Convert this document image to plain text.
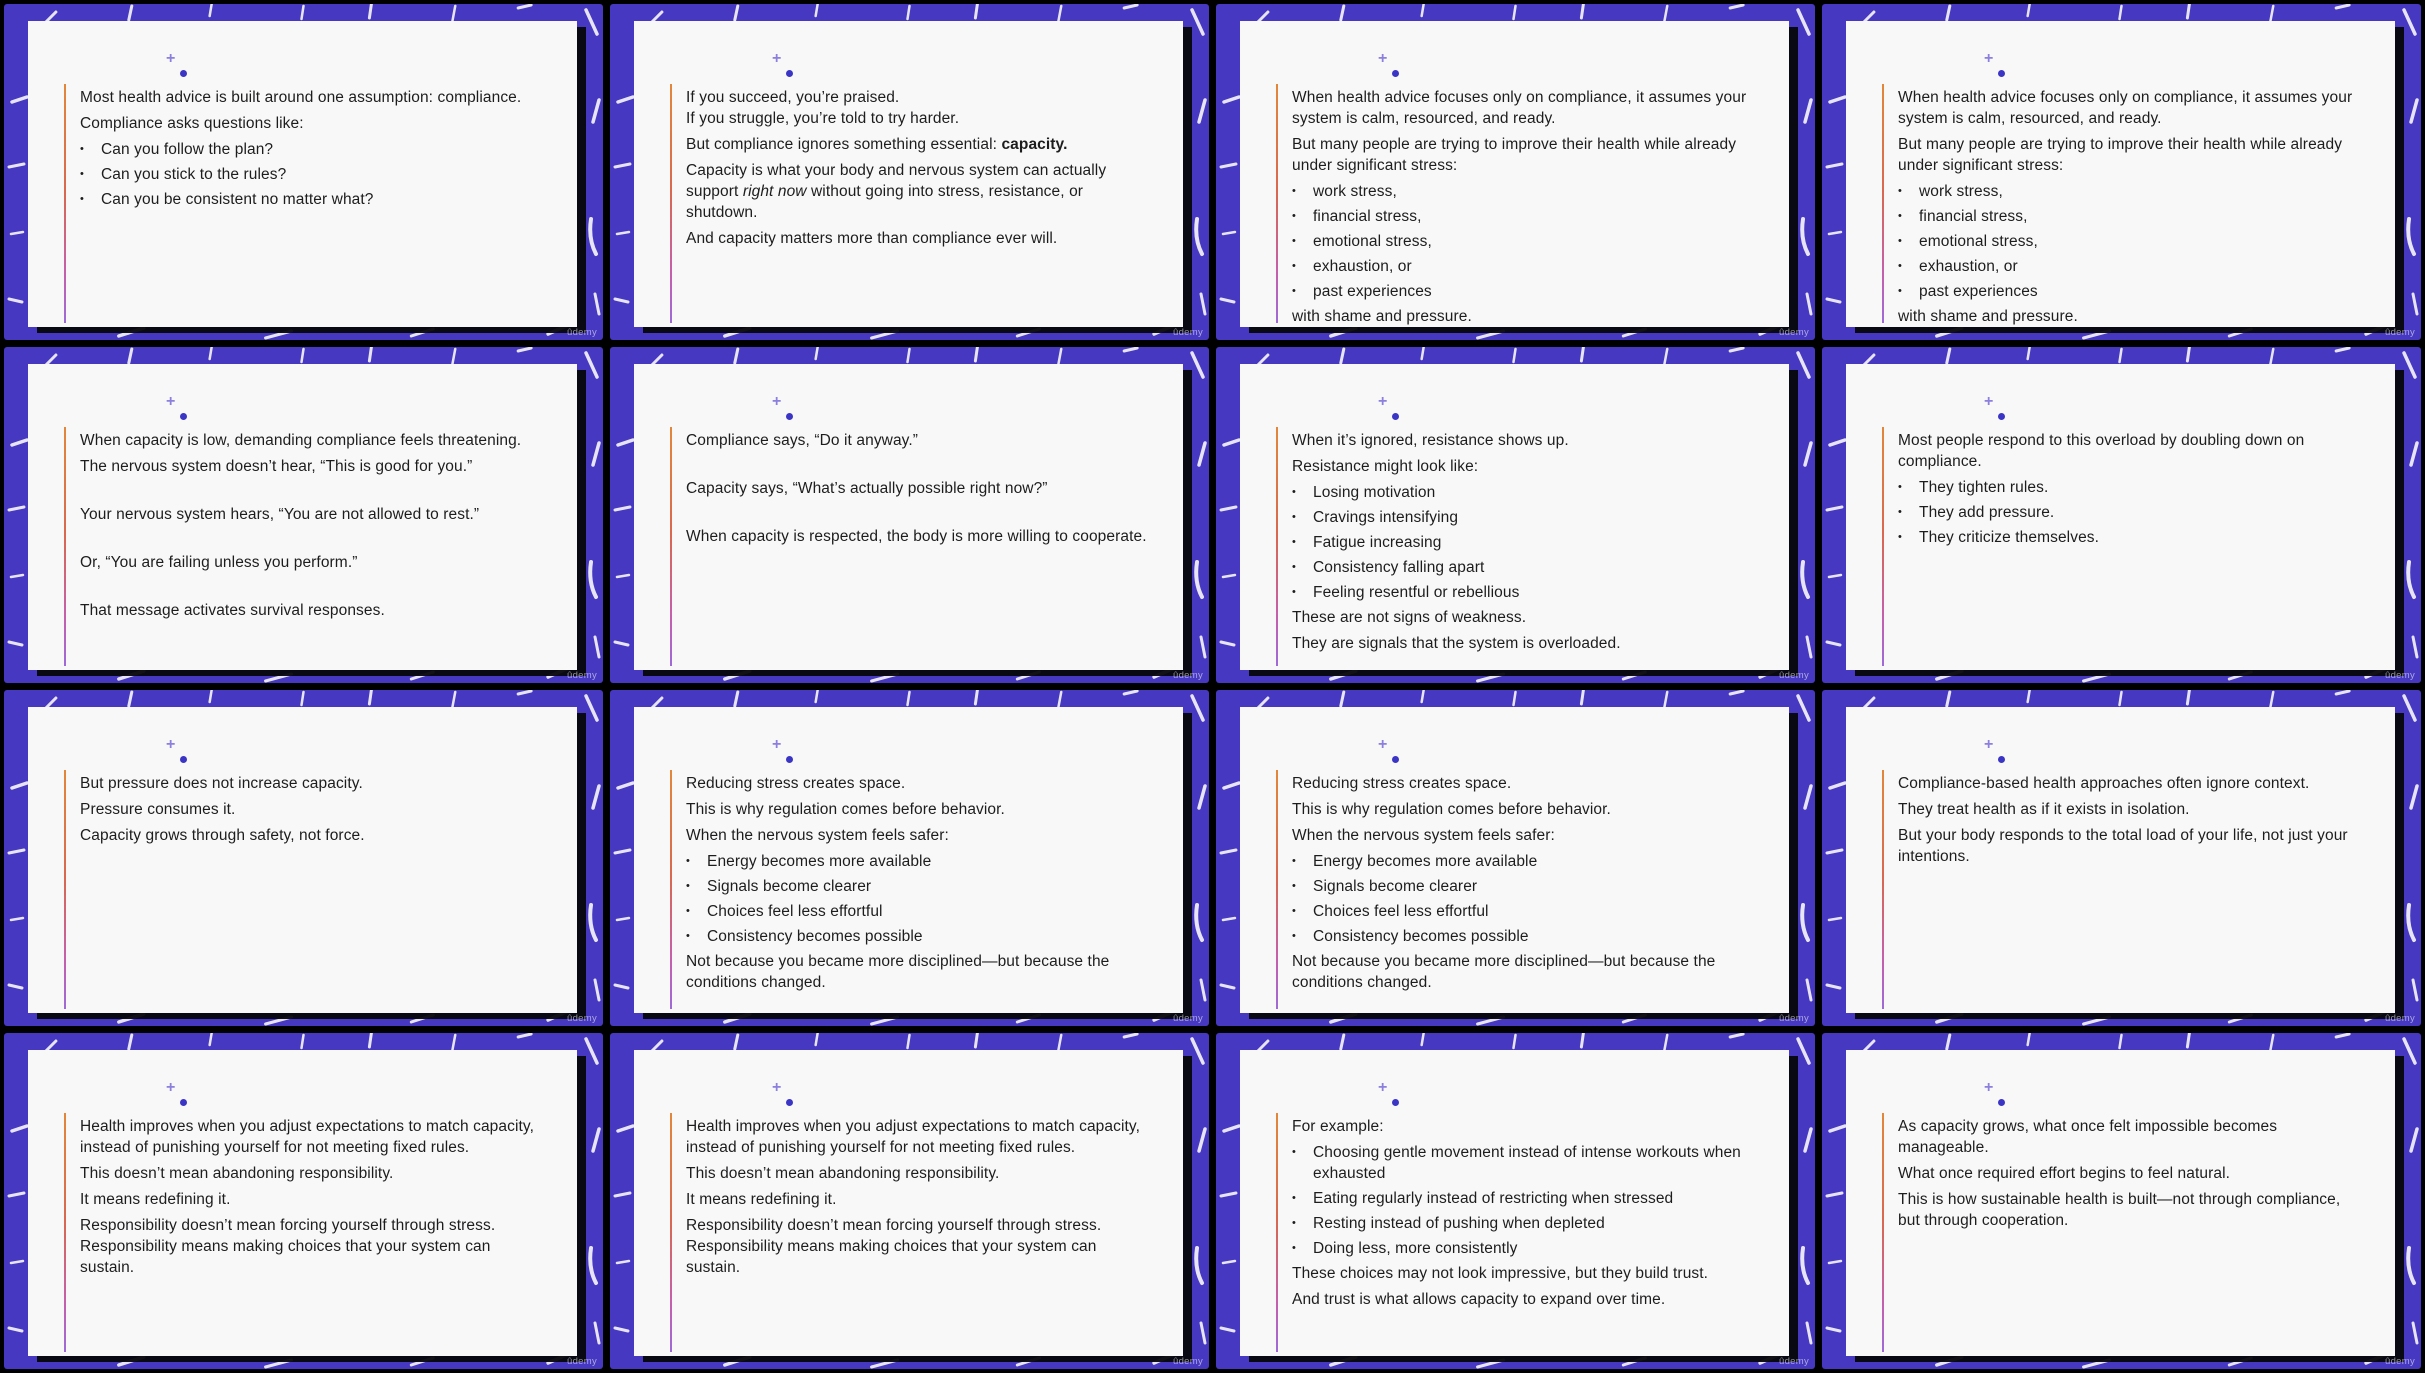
+
Most health advice is built around one assumption: compliance.
Compliance asks questions like:
•	Can you follow the plan?
•	Can you stick to the rules?
•	Can you be consistent no matter what?
ûdemy
+
If you succeed, you’re praised.
If you struggle, you’re told to try harder.
But compliance ignores something essential: capacity.
Capacity is what your body and nervous system can actually support right now without going into stress, resistance, or shutdown.
And capacity matters more than compliance ever will.
ûdemy
+
When health advice focuses only on compliance, it assumes your system is calm, resourced, and ready.
But many people are trying to improve their health while already under significant stress:
•	work stress,
•	financial stress,
•	emotional stress,
•	exhaustion, or
•	past experiences
with shame and pressure.
ûdemy
+
When health advice focuses only on compliance, it assumes your system is calm, resourced, and ready.
But many people are trying to improve their health while already under significant stress:
•	work stress,
•	financial stress,
•	emotional stress,
•	exhaustion, or
•	past experiences
with shame and pressure.
ûdemy
+
When capacity is low, demanding compliance feels threatening.
The nervous system doesn’t hear, “This is good for you.”
Your nervous system hears, “You are not allowed to rest.”
Or, “You are failing unless you perform.”
That message activates survival responses.
ûdemy
+
Compliance says, “Do it anyway.”
Capacity says, “What’s actually possible right now?”
When capacity is respected, the body is more willing to cooperate.
ûdemy
+
When it’s ignored, resistance shows up.
Resistance might look like:
•	Losing motivation
•	Cravings intensifying
•	Fatigue increasing
•	Consistency falling apart
•	Feeling resentful or rebellious
These are not signs of weakness.
They are signals that the system is overloaded.
ûdemy
+
Most people respond to this overload by doubling down on compliance.
•	They tighten rules.
•	They add pressure.
•	They criticize themselves.
ûdemy
+
But pressure does not increase capacity.
Pressure consumes it.
Capacity grows through safety, not force.
ûdemy
+
Reducing stress creates space.
This is why regulation comes before behavior.
When the nervous system feels safer:
•	Energy becomes more available
•	Signals become clearer
•	Choices feel less effortful
•	Consistency becomes possible
Not because you became more disciplined—but because the conditions changed.
ûdemy
+
Reducing stress creates space.
This is why regulation comes before behavior.
When the nervous system feels safer:
•	Energy becomes more available
•	Signals become clearer
•	Choices feel less effortful
•	Consistency becomes possible
Not because you became more disciplined—but because the conditions changed.
ûdemy
+
Compliance-based health approaches often ignore context.
They treat health as if it exists in isolation.
But your body responds to the total load of your life, not just your intentions.
ûdemy
+
Health improves when you adjust expectations to match capacity, instead of punishing yourself for not meeting fixed rules.
This doesn’t mean abandoning responsibility.
It means redefining it.
Responsibility doesn’t mean forcing yourself through stress.
Responsibility means making choices that your system can sustain.
ûdemy
+
Health improves when you adjust expectations to match capacity, instead of punishing yourself for not meeting fixed rules.
This doesn’t mean abandoning responsibility.
It means redefining it.
Responsibility doesn’t mean forcing yourself through stress.
Responsibility means making choices that your system can sustain.
ûdemy
+
For example:
•	Choosing gentle movement instead of intense workouts when exhausted
•	Eating regularly instead of restricting when stressed
•	Resting instead of pushing when depleted
•	Doing less, more consistently
These choices may not look impressive, but they build trust.
And trust is what allows capacity to expand over time.
ûdemy
+
As capacity grows, what once felt impossible becomes manageable.
What once required effort begins to feel natural.
This is how sustainable health is built—not through compliance, but through cooperation.
ûdemy
